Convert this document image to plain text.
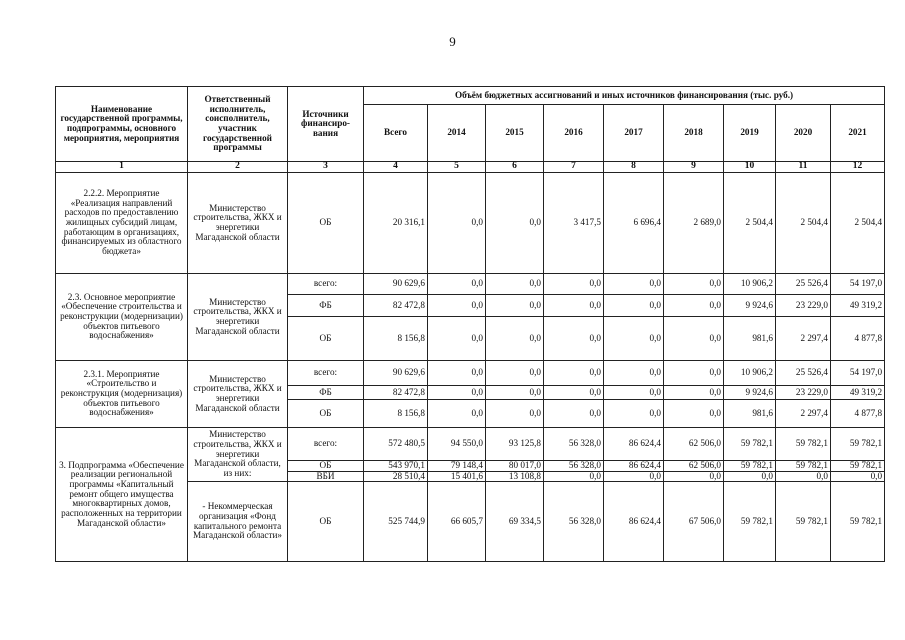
9
Наименование государственной программы, подпрограммы, основного мероприятия, мероприятия	Ответственный исполнитель, соисполнитель, участник государственной программы	Источники финансиро-вания	Объём бюджетных ассигнований и иных источников финансирования (тыс. руб.)								
			Всего	2014	2015	2016	2017	2018	2019	2020	2021
1	2	3	4	5	6	7	8	9	10	11	12
2.2.2. Мероприятие «Реализация направлений расходов по предоставлению жилищных субсидий лицам, работающим в организациях, финансируемых из областного бюджета»	Министерство строительства, ЖКХ и энергетики Магаданской области	ОБ	20 316,1	0,0	0,0	3 417,5	6 696,4	2 689,0	2 504,4	2 504,4	2 504,4
2.3. Основное мероприятие «Обеспечение строительства и реконструкции (модернизации) объектов питьевого водоснабжения»	Министерство строительства, ЖКХ и энергетики Магаданской области	всего:	90 629,6	0,0	0,0	0,0	0,0	0,0	10 906,2	25 526,4	54 197,0
		ФБ	82 472,8	0,0	0,0	0,0	0,0	0,0	9 924,6	23 229,0	49 319,2
		ОБ	8 156,8	0,0	0,0	0,0	0,0	0,0	981,6	2 297,4	4 877,8
2.3.1. Мероприятие «Строительство и реконструкция (модернизация) объектов питьевого водоснабжения»	Министерство строительства, ЖКХ и энергетики Магаданской области	всего:	90 629,6	0,0	0,0	0,0	0,0	0,0	10 906,2	25 526,4	54 197,0
		ФБ	82 472,8	0,0	0,0	0,0	0,0	0,0	9 924,6	23 229,0	49 319,2
		ОБ	8 156,8	0,0	0,0	0,0	0,0	0,0	981,6	2 297,4	4 877,8
3. Подпрограмма «Обеспечение реализации региональной программы «Капитальный ремонт общего имущества многоквартирных домов, расположенных на территории Магаданской области»	Министерство строительства, ЖКХ и энергетики Магаданской области, из них:	всего:	572 480,5	94 550,0	93 125,8	56 328,0	86 624,4	62 506,0	59 782,1	59 782,1	59 782,1
		ОБ	543 970,1	79 148,4	80 017,0	56 328,0	86 624,4	62 506,0	59 782,1	59 782,1	59 782,1
		ВБИ	28 510,4	15 401,6	13 108,8	0,0	0,0	0,0	0,0	0,0	0,0
	- Некоммерческая организация «Фонд капитального ремонта Магаданской области»	ОБ	525 744,9	66 605,7	69 334,5	56 328,0	86 624,4	67 506,0	59 782,1	59 782,1	59 782,1
